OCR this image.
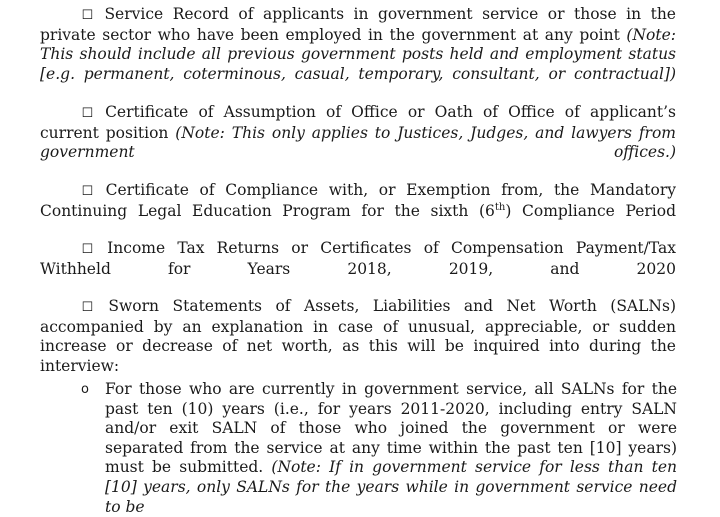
☐ Service Record of applicants in government service or those in the private sector who have been employed in the government at any point (Note: This should include all previous government posts held and employment status [e.g. permanent, coterminous, casual, temporary, consultant, or contractual])
☐ Certificate of Assumption of Office or Oath of Office of applicant’s current position (Note: This only applies to Justices, Judges, and lawyers from government offices.)
☐ Certificate of Compliance with, or Exemption from, the Mandatory Continuing Legal Education Program for the sixth (6th) Compliance Period
☐ Income Tax Returns or Certificates of Compensation Payment/Tax Withheld for Years 2018, 2019, and 2020
☐ Sworn Statements of Assets, Liabilities and Net Worth (SALNs) accompanied by an explanation in case of unusual, appreciable, or sudden increase or decrease of net worth, as this will be inquired into during the interview:
o For those who are currently in government service, all SALNs for the past ten (10) years (i.e., for years 2011-2020, including entry SALN and/or exit SALN of those who joined the government or were separated from the service at any time within the past ten [10] years) must be submitted. (Note: If in government service for less than ten [10] years, only SALNs for the years while in government service need to be
